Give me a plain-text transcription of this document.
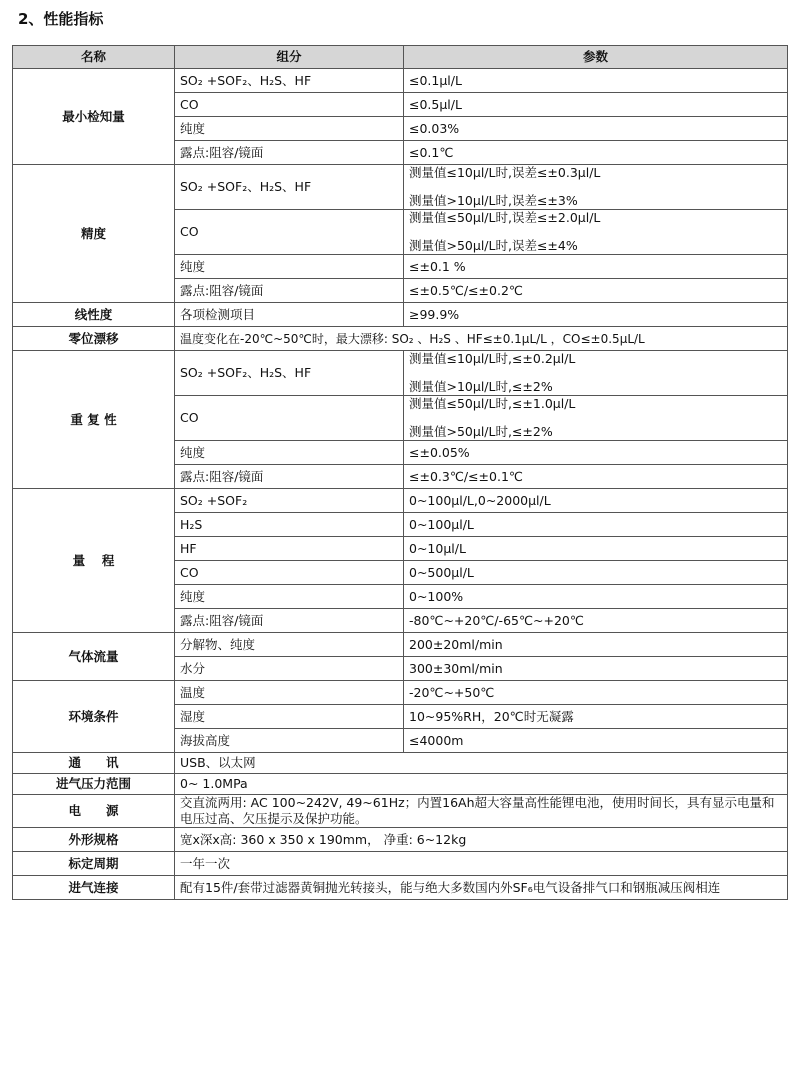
2、性能指标
名称	组分	参数
最小检知量	SO₂ +SOF₂、H₂S、HF	≤0.1μl/L
	CO	≤0.5μl/L
	纯度	≤0.03%
	露点:阻容/镜面	≤0.1℃
精度	SO₂ +SOF₂、H₂S、HF	测量值≤10μl/L时,误差≤±0.3μl/L
测量值>10μl/L时,误差≤±3%

	CO	测量值≤50μl/L时,误差≤±2.0μl/L
测量值>50μl/L时,误差≤±4%

	纯度	≤±0.1 %
	露点:阻容/镜面	≤±0.5℃/≤±0.2℃
线性度	各项检测项目	≥99.9%
零位漂移	温度变化在-20℃~50℃时，最大漂移: SO₂ 、H₂S 、HF≤±0.1μL/L ，CO≤±0.5μL/L	
重 复 性	SO₂ +SOF₂、H₂S、HF	测量值≤10μl/L时,≤±0.2μl/L
测量值>10μl/L时,≤±2%

	CO	测量值≤50μl/L时,≤±1.0μl/L
测量值>50μl/L时,≤±2%

	纯度	≤±0.05%
	露点:阻容/镜面	≤±0.3℃/≤±0.1℃
量　 程	SO₂ +SOF₂	0~100μl/L,0~2000μl/L
	H₂S	0~100μl/L
	HF	0~10μl/L
	CO	0~500μl/L
	纯度	0~100%
	露点:阻容/镜面	-80℃~+20℃/-65℃~+20℃
气体流量	分解物、纯度	200±20ml/min
	水分	300±30ml/min
环境条件	温度	-20℃~+50℃
	湿度	10~95%RH，20℃时无凝露
	海拔高度	≤4000m
通　　讯	USB、以太网	
进气压力范围	0~ 1.0MPa	
电　　源	交直流两用: AC 100~242V, 49~61Hz；内置16Ah超大容量高性能锂电池，使用时间长，具有显示电量和电压过高、欠压提示及保护功能。	
外形规格	宽x深x高: 360 x 350 x 190mm， 净重: 6~12kg	
标定周期	一年一次	
进气连接	配有15件/套带过滤器黄铜抛光转接头，能与绝大多数国内外SF₆电气设备排气口和钢瓶减压阀相连	
